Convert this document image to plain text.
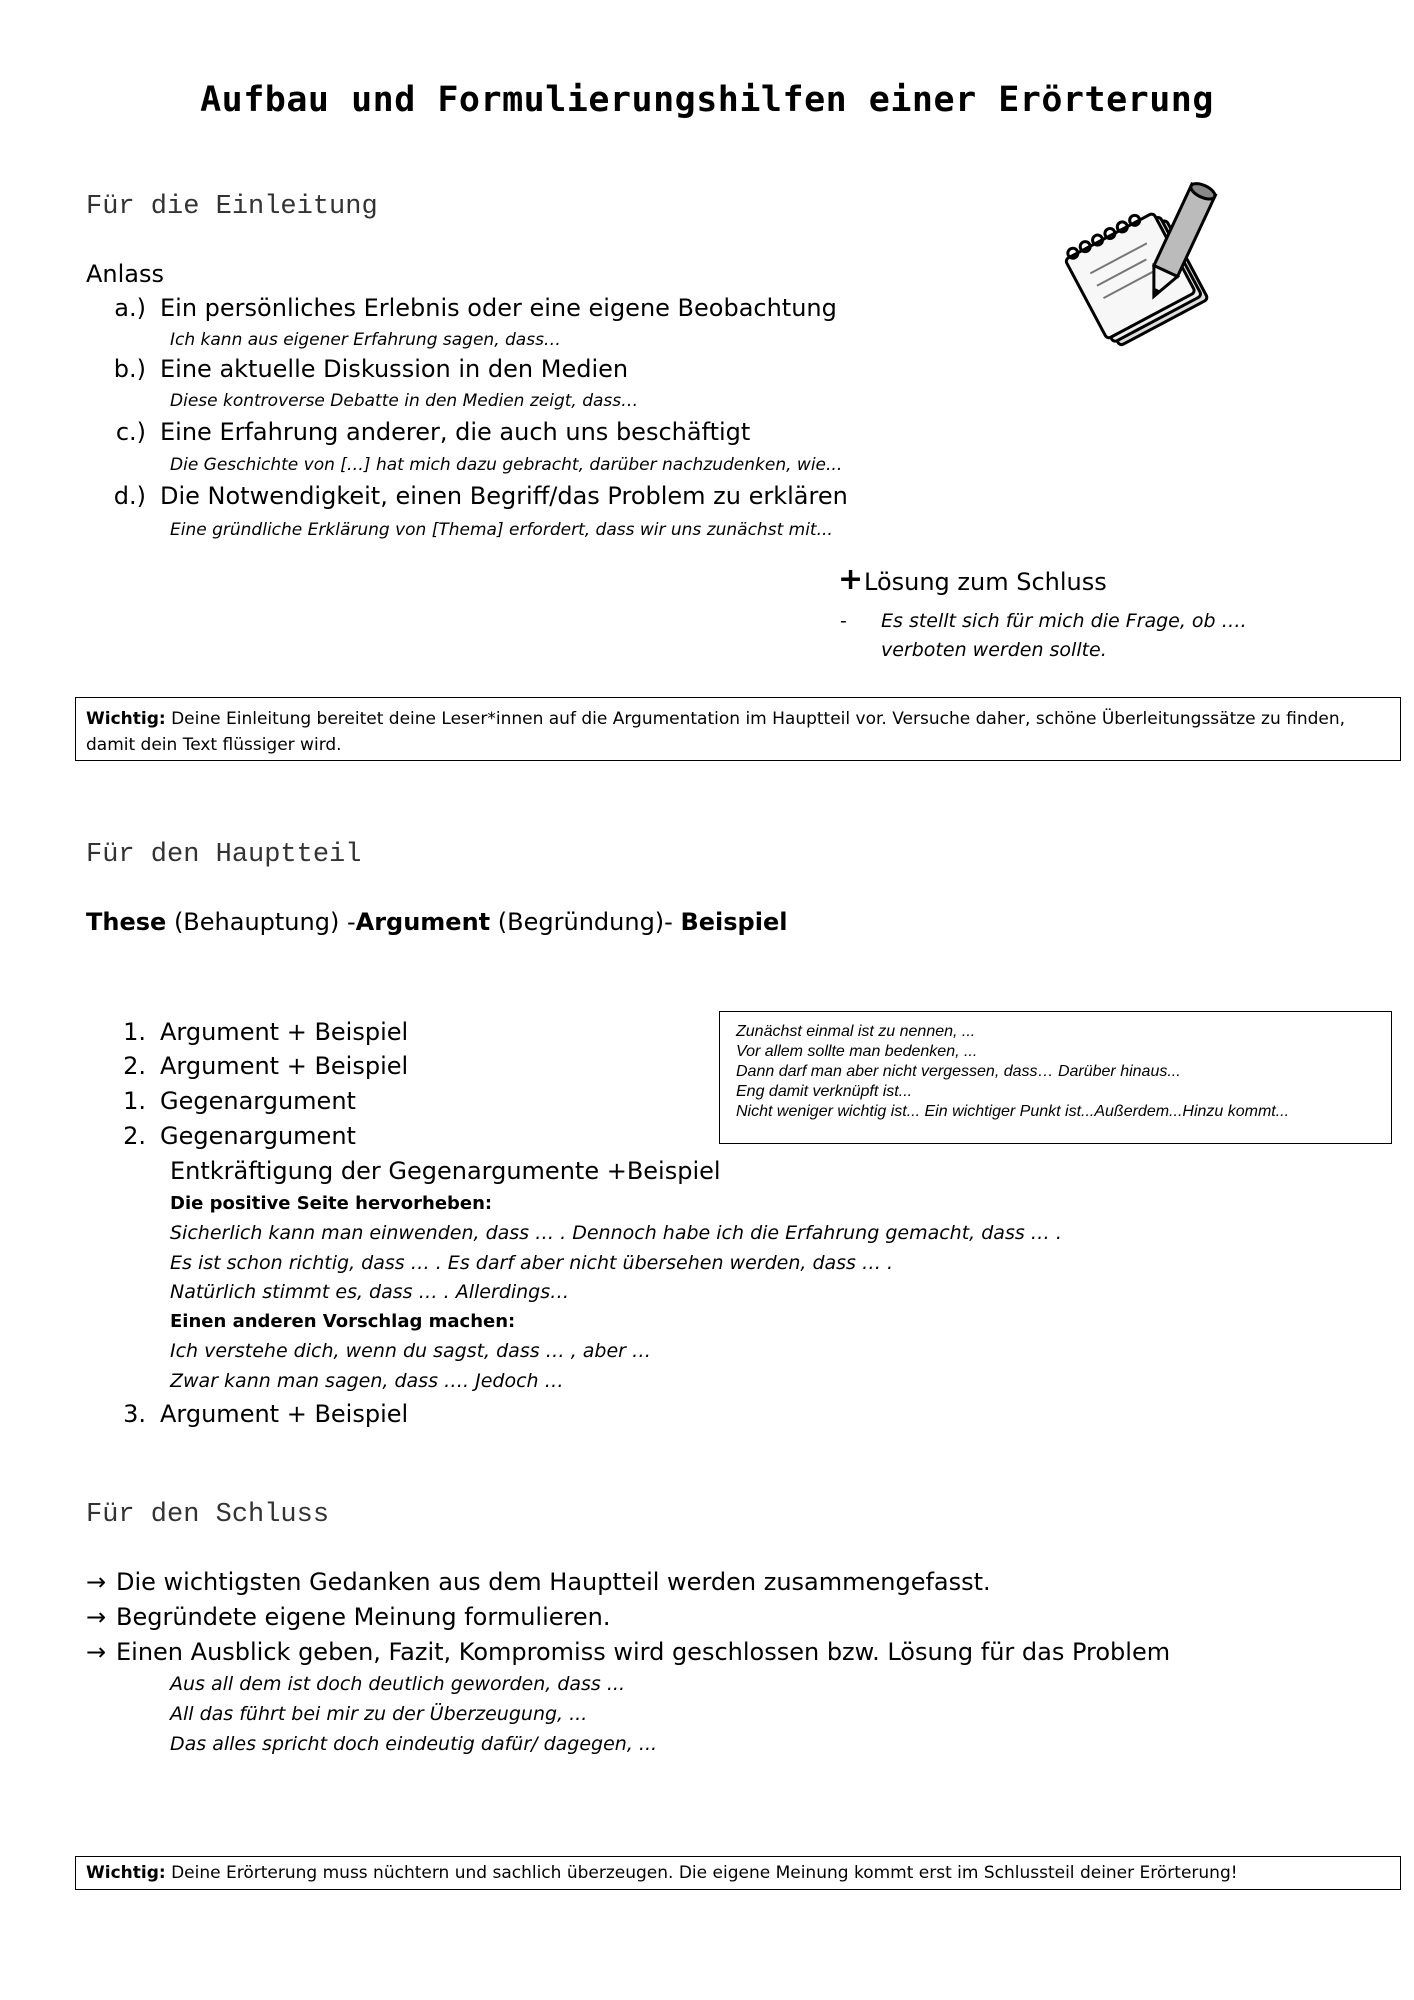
Aufbau und Formulierungshilfen einer Erörterung
Für die Einleitung
Anlass
a.) Ein persönliches Erlebnis oder eine eigene Beobachtung
Ich kann aus eigener Erfahrung sagen, dass…
b.) Eine aktuelle Diskussion in den Medien
Diese kontroverse Debatte in den Medien zeigt, dass…
c.) Eine Erfahrung anderer, die auch uns beschäftigt
Die Geschichte von […] hat mich dazu gebracht, darüber nachzudenken, wie...
d.) Die Notwendigkeit, einen Begriff/das Problem zu erklären
Eine gründliche Erklärung von [Thema] erfordert, dass wir uns zunächst mit...
+ Lösung zum Schluss
- Es stellt sich für mich die Frage, ob ….
verboten werden sollte.
Wichtig: Deine Einleitung bereitet deine Leser*innen auf die Argumentation im Hauptteil vor. Versuche daher, schöne Überleitungssätze zu finden, damit dein Text flüssiger wird.
Für den Hauptteil
These (Behauptung) -Argument (Begründung)- Beispiel
1. Argument + Beispiel
2. Argument + Beispiel
1. Gegenargument
2. Gegenargument
Entkräftigung der Gegenargumente +Beispiel
Die positive Seite hervorheben:
Sicherlich kann man einwenden, dass … . Dennoch habe ich die Erfahrung gemacht, dass … .
Es ist schon richtig, dass … . Es darf aber nicht übersehen werden, dass … .
Natürlich stimmt es, dass … . Allerdings…
Einen anderen Vorschlag machen:
Ich verstehe dich, wenn du sagst, dass … , aber …
Zwar kann man sagen, dass …. Jedoch …
3. Argument + Beispiel
Zunächst einmal ist zu nennen, ...
Vor allem sollte man bedenken, ...
Dann darf man aber nicht vergessen, dass… Darüber hinaus...
Eng damit verknüpft ist...
Nicht weniger wichtig ist... Ein wichtiger Punkt ist...Außerdem...Hinzu kommt...
Für den Schluss
→ Die wichtigsten Gedanken aus dem Hauptteil werden zusammengefasst.
→ Begründete eigene Meinung formulieren.
→ Einen Ausblick geben, Fazit, Kompromiss wird geschlossen bzw. Lösung für das Problem
Aus all dem ist doch deutlich geworden, dass ...
All das führt bei mir zu der Überzeugung, ...
Das alles spricht doch eindeutig dafür/ dagegen, ...
Wichtig: Deine Erörterung muss nüchtern und sachlich überzeugen. Die eigene Meinung kommt erst im Schlussteil deiner Erörterung!
